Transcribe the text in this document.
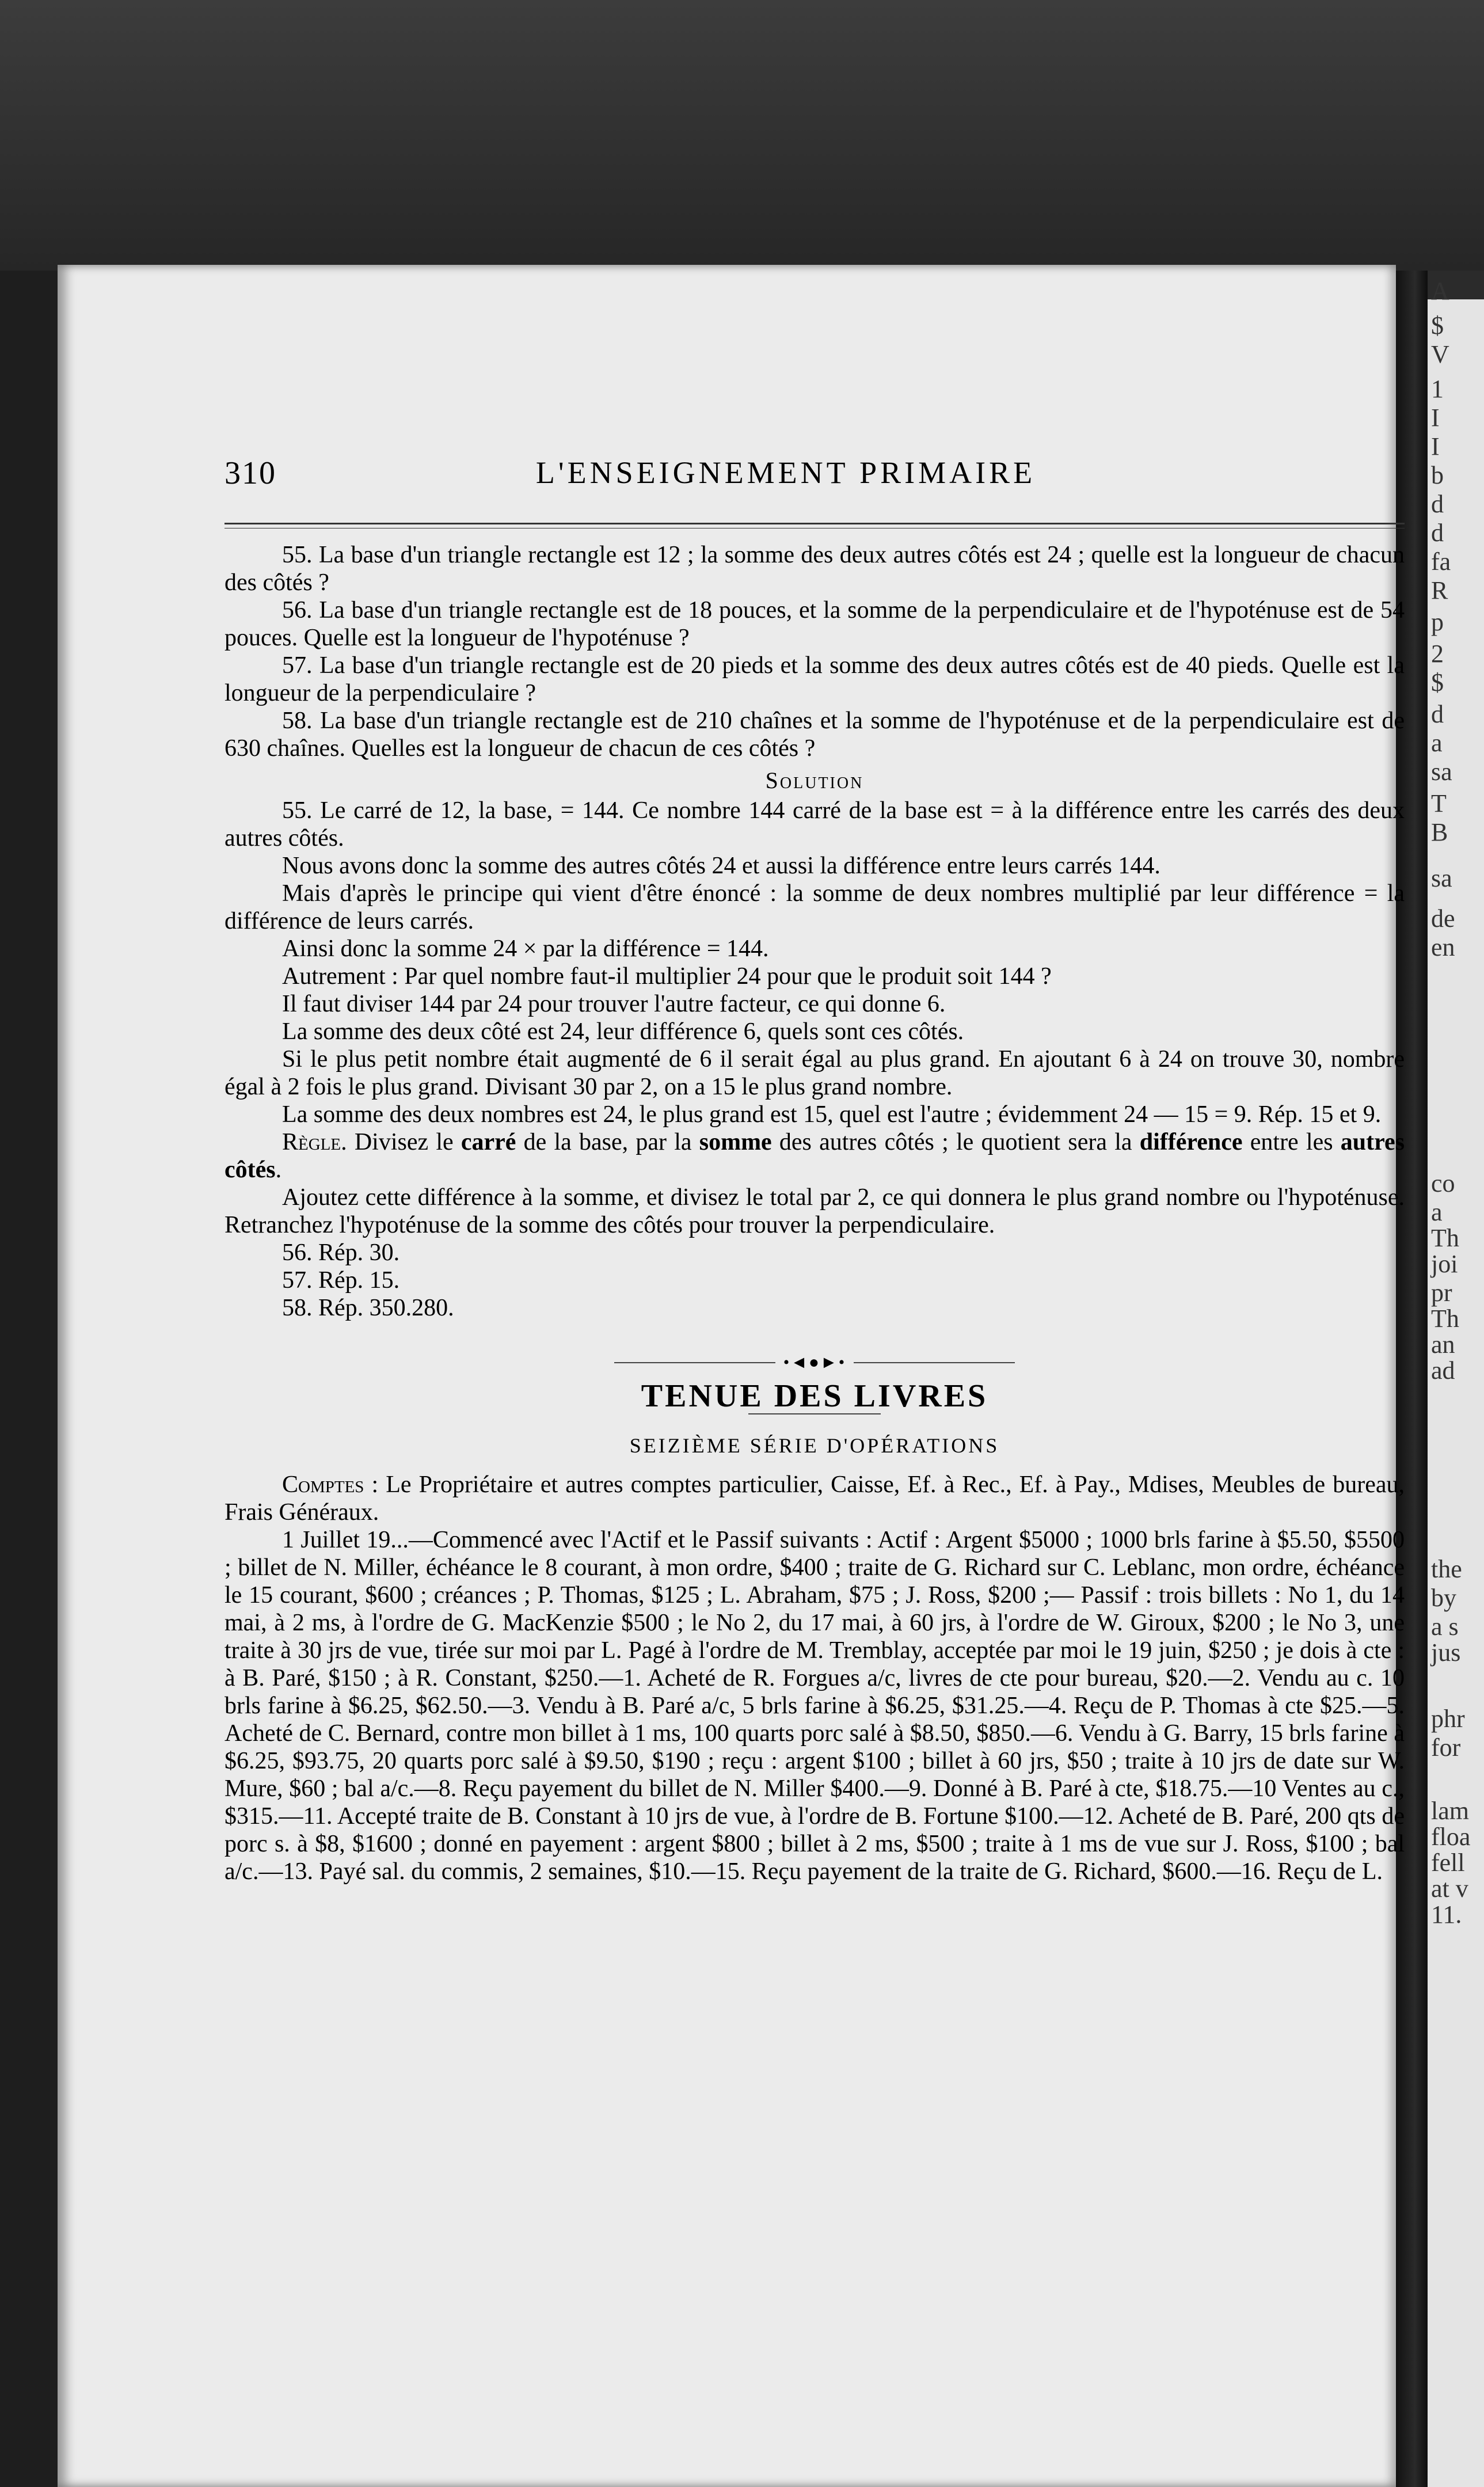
A
$
V
1
I
I
b
d
d
fa
R
p
2
$
d
a
sa
T
B
sa
de
en
co
a
Th
joi
pr
Th
an
ad
the
by
a s
jus
phr
for
lam
floa
fell
at v
11.
310	L'ENSEIGNEMENT PRIMAIRE

55. La base d'un triangle rectangle est 12 ; la somme des deux autres côtés est 24 ; quelle est la longueur de chacun des côtés ?

56. La base d'un triangle rectangle est de 18 pouces, et la somme de la perpendiculaire et de l'hypoténuse est de 54 pouces. Quelle est la longueur de l'hypoténuse ?

57. La base d'un triangle rectangle est de 20 pieds et la somme des deux autres côtés est de 40 pieds. Quelle est la longueur de la perpendiculaire ?

58. La base d'un triangle rectangle est de 210 chaînes et la somme de l'hypoténuse et de la perpendiculaire est de 630 chaînes. Quelles est la longueur de chacun de ces côtés ?

Solution

55. Le carré de 12, la base, = 144. Ce nombre 144 carré de la base est = à la différence entre les carrés des deux autres côtés.

Nous avons donc la somme des autres côtés 24 et aussi la différence entre leurs carrés 144.

Mais d'après le principe qui vient d'être énoncé : la somme de deux nombres multiplié par leur différence = la différence de leurs carrés.

Ainsi donc la somme 24 × par la différence = 144.

Autrement : Par quel nombre faut-il multiplier 24 pour que le produit soit 144 ?

Il faut diviser 144 par 24 pour trouver l'autre facteur, ce qui donne 6.

La somme des deux côté est 24, leur différence 6, quels sont ces côtés.

Si le plus petit nombre était augmenté de 6 il serait égal au plus grand. En ajoutant 6 à 24 on trouve 30, nombre égal à 2 fois le plus grand. Divisant 30 par 2, on a 15 le plus grand nombre.

La somme des deux nombres est 24, le plus grand est 15, quel est l'autre ; évidemment 24 — 15 = 9. Rép. 15 et 9.

Règle. Divisez le carré de la base, par la somme des autres côtés ; le quotient sera la différence entre les autres côtés.

Ajoutez cette différence à la somme, et divisez le total par 2, ce qui donnera le plus grand nombre ou l'hypoténuse. Retranchez l'hypoténuse de la somme des côtés pour trouver la perpendiculaire.

56. Rép. 30.

57. Rép. 15.

58. Rép. 350.280.

•◄●►•
TENUE DES LIVRES
SEIZIÈME SÉRIE D'OPÉRATIONS

Comptes : Le Propriétaire et autres comptes particulier, Caisse, Ef. à Rec., Ef. à Pay., Mdises, Meubles de bureau, Frais Généraux.

1 Juillet 19...—Commencé avec l'Actif et le Passif suivants : Actif : Argent $5000 ; 1000 brls farine à $5.50, $5500 ; billet de N. Miller, échéance le 8 courant, à mon ordre, $400 ; traite de G. Richard sur C. Leblanc, mon ordre, échéance le 15 courant, $600 ; créances ; P. Thomas, $125 ; L. Abraham, $75 ; J. Ross, $200 ;— Passif : trois billets : No 1, du 14 mai, à 2 ms, à l'ordre de G. MacKenzie $500 ; le No 2, du 17 mai, à 60 jrs, à l'ordre de W. Giroux, $200 ; le No 3, une traite à 30 jrs de vue, tirée sur moi par L. Pagé à l'ordre de M. Tremblay, acceptée par moi le 19 juin, $250 ; je dois à cte : à B. Paré, $150 ; à R. Constant, $250.—1. Acheté de R. Forgues a/c, livres de cte pour bureau, $20.—2. Vendu au c. 10 brls farine à $6.25, $62.50.—3. Vendu à B. Paré a/c, 5 brls farine à $6.25, $31.25.—4. Reçu de P. Thomas à cte $25.—5. Acheté de C. Bernard, contre mon billet à 1 ms, 100 quarts porc salé à $8.50, $850.—6. Vendu à G. Barry, 15 brls farine à $6.25, $93.75, 20 quarts porc salé à $9.50, $190 ; reçu : argent $100 ; billet à 60 jrs, $50 ; traite à 10 jrs de date sur W. Mure, $60 ; bal a/c.—8. Reçu payement du billet de N. Miller $400.—9. Donné à B. Paré à cte, $18.75.—10 Ventes au c., $315.—11. Accepté traite de B. Constant à 10 jrs de vue, à l'ordre de B. Fortune $100.—12. Acheté de B. Paré, 200 qts de porc s. à $8, $1600 ; donné en payement : argent $800 ; billet à 2 ms, $500 ; traite à 1 ms de vue sur J. Ross, $100 ; bal a/c.—13. Payé sal. du commis, 2 semaines, $10.—15. Reçu payement de la traite de G. Richard, $600.—16. Reçu de L.
